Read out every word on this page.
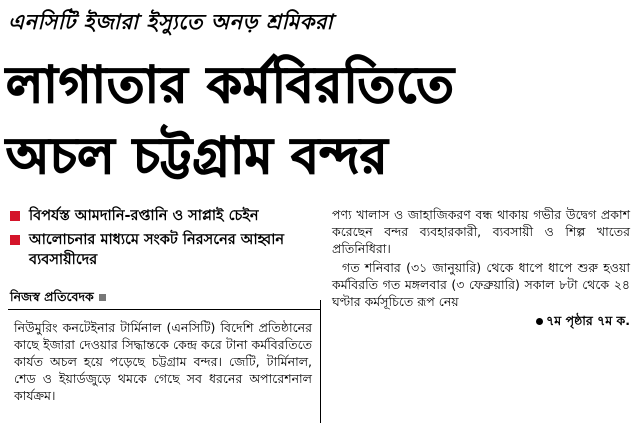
এনসিটি ইজারা ইস্যুতে অনড় শ্রমিকরা
লাগাতার কর্মবিরতিতে
অচল চট্টগ্রাম বন্দর
বিপর্যস্ত আমদানি-রপ্তানি ও সাপ্লাই চেইন
আলোচনার মাধ্যমে সংকট নিরসনের আহ্বান ব্যবসায়ীদের
নিজস্ব প্রতিবেদক
নিউমুরিং কনটেইনার টার্মিনাল (এনসিটি) বিদেশি প্রতিষ্ঠানের কাছে ইজারা দেওয়ার সিদ্ধান্তকে কেন্দ্র করে টানা কর্মবিরতিতে কার্যত অচল হয়ে পড়েছে চট্টগ্রাম বন্দর। জেটি, টার্মিনাল, শেড ও ইয়ার্ডজুড়ে থমকে গেছে সব ধরনের অপারেশনাল কার্যক্রম।

পণ্য খালাস ও জাহাজিকরণ বন্ধ থাকায় গভীর উদ্বেগ প্রকাশ করেছেন বন্দর ব্যবহারকারী, ব্যবসায়ী ও শিল্প খাতের প্রতিনিধিরা।

গত শনিবার (৩১ জানুয়ারি) থেকে ধাপে ধাপে শুরু হওয়া কর্মবিরতি গত মঙ্গলবার (৩ ফেব্রুয়ারি) সকাল ৮টা থেকে ২৪ ঘণ্টার কর্মসূচিতে রূপ নেয়

৭ম পৃষ্ঠার ৭ম ক.
